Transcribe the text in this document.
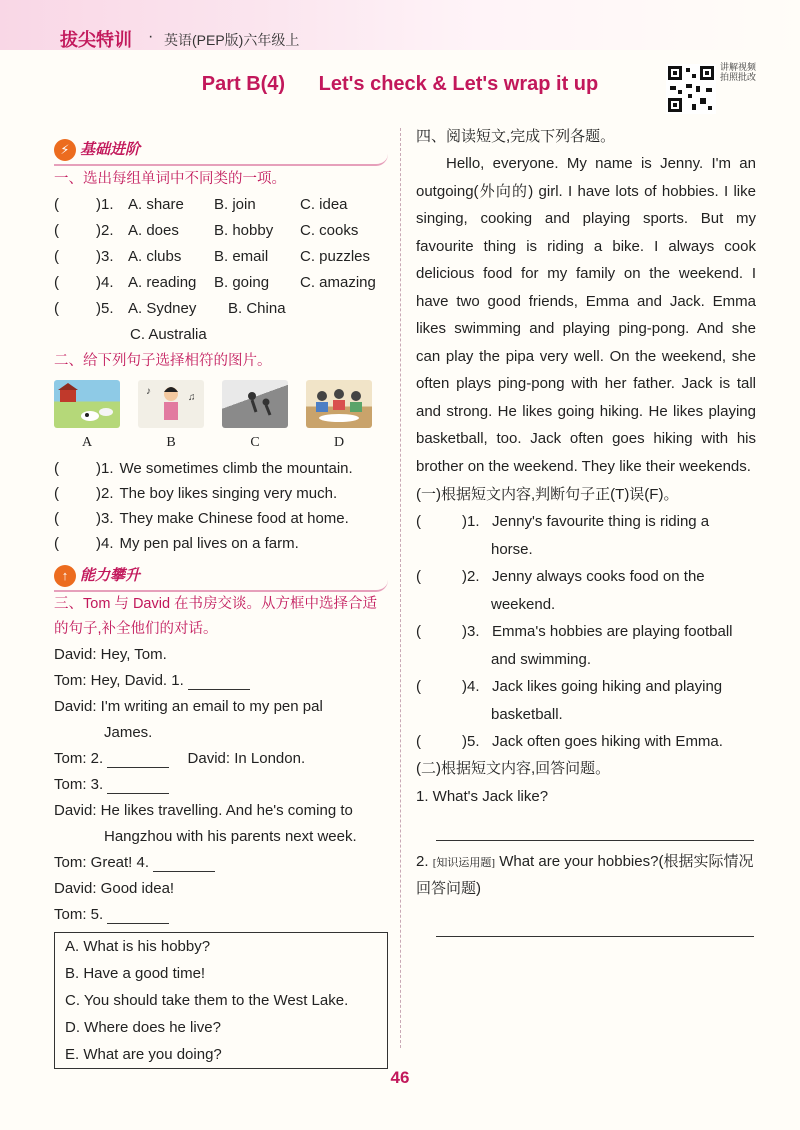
拔尖特训 · 英语(PEP版)六年级上
Part B(4) Let's check & Let's wrap it up
讲解视频拍照批改
⚡ 基础进阶
一、选出每组单词中不同类的一项。
(	)1. A. share	B. join	C. idea
(	)2. A. does	B. hobby	C. cooks
(	)3. A. clubs	B. email	C. puzzles
(	)4. A. reading	B. going	C. amazing
(	)5. A. Sydney	B. China
C. Australia
二、给下列句子选择相符的图片。
♪
♫
A	B	C	D
(	)1. We sometimes climb the mountain.
(	)2. The boy likes singing very much.
(	)3. They make Chinese food at home.
(	)4. My pen pal lives on a farm.
↑ 能力攀升
三、Tom 与 David 在书房交谈。从方框中选择合适的句子,补全他们的对话。
David: Hey, Tom.
Tom: Hey, David. 1.
David: I'm writing an email to my pen pal
James.
Tom: 2.	David: In London.
Tom: 3.
David: He likes travelling. And he's coming to
Hangzhou with his parents next week.
Tom: Great! 4.
David: Good idea!
Tom: 5.
A. What is his hobby?
B. Have a good time!
C. You should take them to the West Lake.
D. Where does he live?
E. What are you doing?
四、阅读短文,完成下列各题。

Hello, everyone. My name is Jenny. I'm an outgoing(外向的) girl. I have lots of hobbies. I like singing, cooking and playing sports. But my favourite thing is riding a bike. I always cook delicious food for my family on the weekend. I have two good friends, Emma and Jack. Emma likes swimming and playing ping-pong. And she can play the pipa very well. On the weekend, she often plays ping-pong with her father. Jack is tall and strong. He likes going hiking. He likes playing basketball, too. Jack often goes hiking with his brother on the weekend. They like their weekends.

(一)根据短文内容,判断句子正(T)误(F)。
(	)1. Jenny's favourite thing is riding a
horse.
(	)2. Jenny always cooks food on the
weekend.
(	)3. Emma's hobbies are playing football
and swimming.
(	)4. Jack likes going hiking and playing
basketball.
(	)5. Jack often goes hiking with Emma.
(二)根据短文内容,回答问题。
1. What's Jack like?
2. [知识运用题] What are your hobbies?(根据实际情况回答问题)
46
